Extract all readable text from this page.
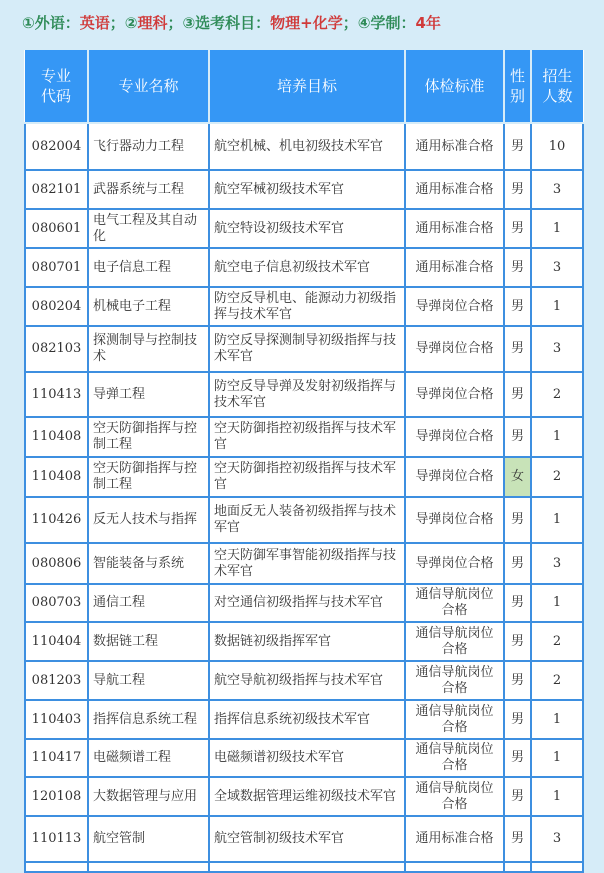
①外语：英语；②理科；③选考科目：物理+化学；④学制：4年
专业代码	专业名称	培养目标	体检标准	性别	招生人数
082004	飞行器动力工程	航空机械、机电初级技术军官	通用标准合格	男	10
082101	武器系统与工程	航空军械初级技术军官	通用标准合格	男	3
080601	电气工程及其自动化	航空特设初级技术军官	通用标准合格	男	1
080701	电子信息工程	航空电子信息初级技术军官	通用标准合格	男	3
080204	机械电子工程	防空反导机电、能源动力初级指挥与技术军官	导弹岗位合格	男	1
082103	探测制导与控制技术	防空反导探测制导初级指挥与技术军官	导弹岗位合格	男	3
110413	导弹工程	防空反导导弹及发射初级指挥与技术军官	导弹岗位合格	男	2
110408	空天防御指挥与控制工程	空天防御指控初级指挥与技术军官	导弹岗位合格	男	1
110408	空天防御指挥与控制工程	空天防御指控初级指挥与技术军官	导弹岗位合格	女	2
110426	反无人技术与指挥	地面反无人装备初级指挥与技术军官	导弹岗位合格	男	1
080806	智能装备与系统	空天防御军事智能初级指挥与技术军官	导弹岗位合格	男	3
080703	通信工程	对空通信初级指挥与技术军官	通信导航岗位合格	男	1
110404	数据链工程	数据链初级指挥军官	通信导航岗位合格	男	2
081203	导航工程	航空导航初级指挥与技术军官	通信导航岗位合格	男	2
110403	指挥信息系统工程	指挥信息系统初级技术军官	通信导航岗位合格	男	1
110417	电磁频谱工程	电磁频谱初级技术军官	通信导航岗位合格	男	1
120108	大数据管理与应用	全域数据管理运维初级技术军官	通信导航岗位合格	男	1
110113	航空管制	航空管制初级技术军官	通用标准合格	男	3
